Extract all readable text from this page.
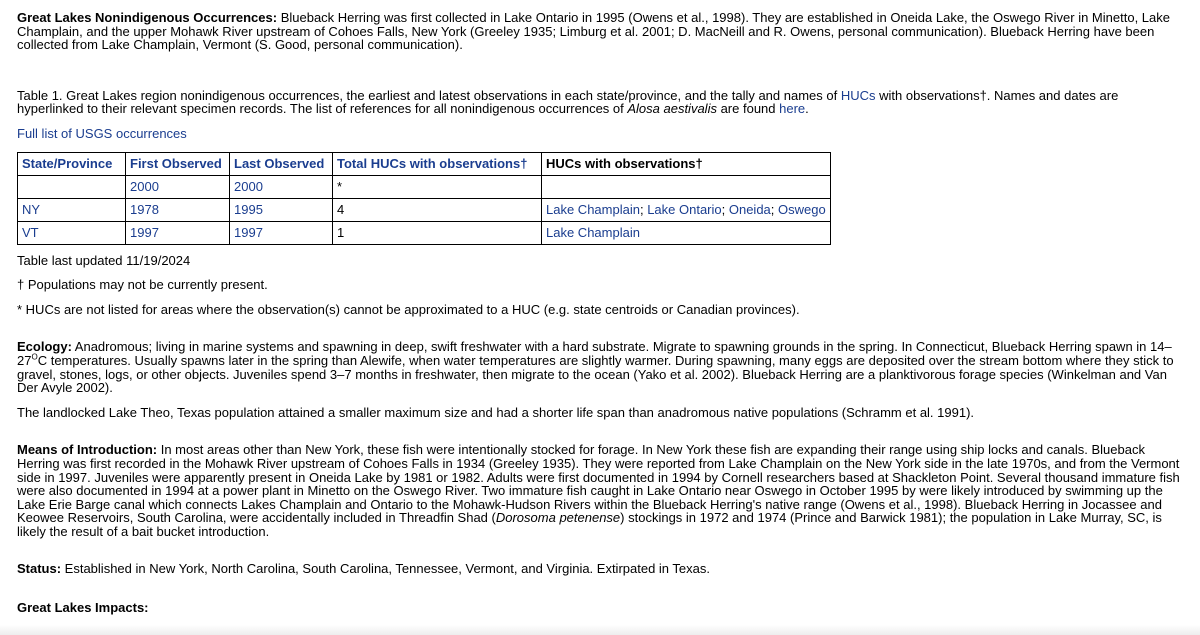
Great Lakes Nonindigenous Occurrences: Blueback Herring was first collected in Lake Ontario in 1995 (Owens et al., 1998). They are established in Oneida Lake, the Oswego River in Minetto, Lake Champlain, and the upper Mohawk River upstream of Cohoes Falls, New York (Greeley 1935; Limburg et al. 2001; D. MacNeill and R. Owens, personal communication). Blueback Herring have been collected from Lake Champlain, Vermont (S. Good, personal communication).

Table 1. Great Lakes region nonindigenous occurrences, the earliest and latest observations in each state/province, and the tally and names of HUCs with observations†. Names and dates are hyperlinked to their relevant specimen records. The list of references for all nonindigenous occurrences of Alosa aestivalis are found here.

Full list of USGS occurrences
State/Province	First Observed	Last Observed	Total HUCs with observations†	HUCs with observations†
	2000	2000	*	
NY	1978	1995	4	Lake Champlain; Lake Ontario; Oneida; Oswego
VT	1997	1997	1	Lake Champlain

Table last updated 11/19/2024

† Populations may not be currently present.

* HUCs are not listed for areas where the observation(s) cannot be approximated to a HUC (e.g. state centroids or Canadian provinces).

Ecology: Anadromous; living in marine systems and spawning in deep, swift freshwater with a hard substrate. Migrate to spawning grounds in the spring. In Connecticut, Blueback Herring spawn in $14-27^OC$ temperatures. Usually spawns later in the spring than Alewife, when water temperatures are slightly warmer. During spawning, many eggs are deposited over the stream bottom where they stick to gravel, stones, logs, or other objects. Juveniles spend 3–7 months in freshwater, then migrate to the ocean (Yako et al. 2002). Blueback Herring are a planktivorous forage species (Winkelman and Van Der Avyle 2002).

The landlocked Lake Theo, Texas population attained a smaller maximum size and had a shorter life span than anadromous native populations (Schramm et al. 1991).

Means of Introduction: In most areas other than New York, these fish were intentionally stocked for forage. In New York these fish are expanding their range using ship locks and canals. Blueback Herring was first recorded in the Mohawk River upstream of Cohoes Falls in 1934 (Greeley 1935). They were reported from Lake Champlain on the New York side in the late 1970s, and from the Vermont side in 1997. Juveniles were apparently present in Oneida Lake by 1981 or 1982. Adults were first documented in 1994 by Cornell researchers based at Shackleton Point. Several thousand immature fish were also documented in 1994 at a power plant in Minetto on the Oswego River. Two immature fish caught in Lake Ontario near Oswego in October 1995 by were likely introduced by swimming up the Lake Erie Barge canal which connects Lakes Champlain and Ontario to the Mohawk-Hudson Rivers within the Blueback Herring's native range (Owens et al., 1998). Blueback Herring in Jocassee and Keowee Reservoirs, South Carolina, were accidentally included in Threadfin Shad (Dorosoma petenense) stockings in 1972 and 1974 (Prince and Barwick 1981); the population in Lake Murray, SC, is likely the result of a bait bucket introduction.

Status: Established in New York, North Carolina, South Carolina, Tennessee, Vermont, and Virginia. Extirpated in Texas.

Great Lakes Impacts:
